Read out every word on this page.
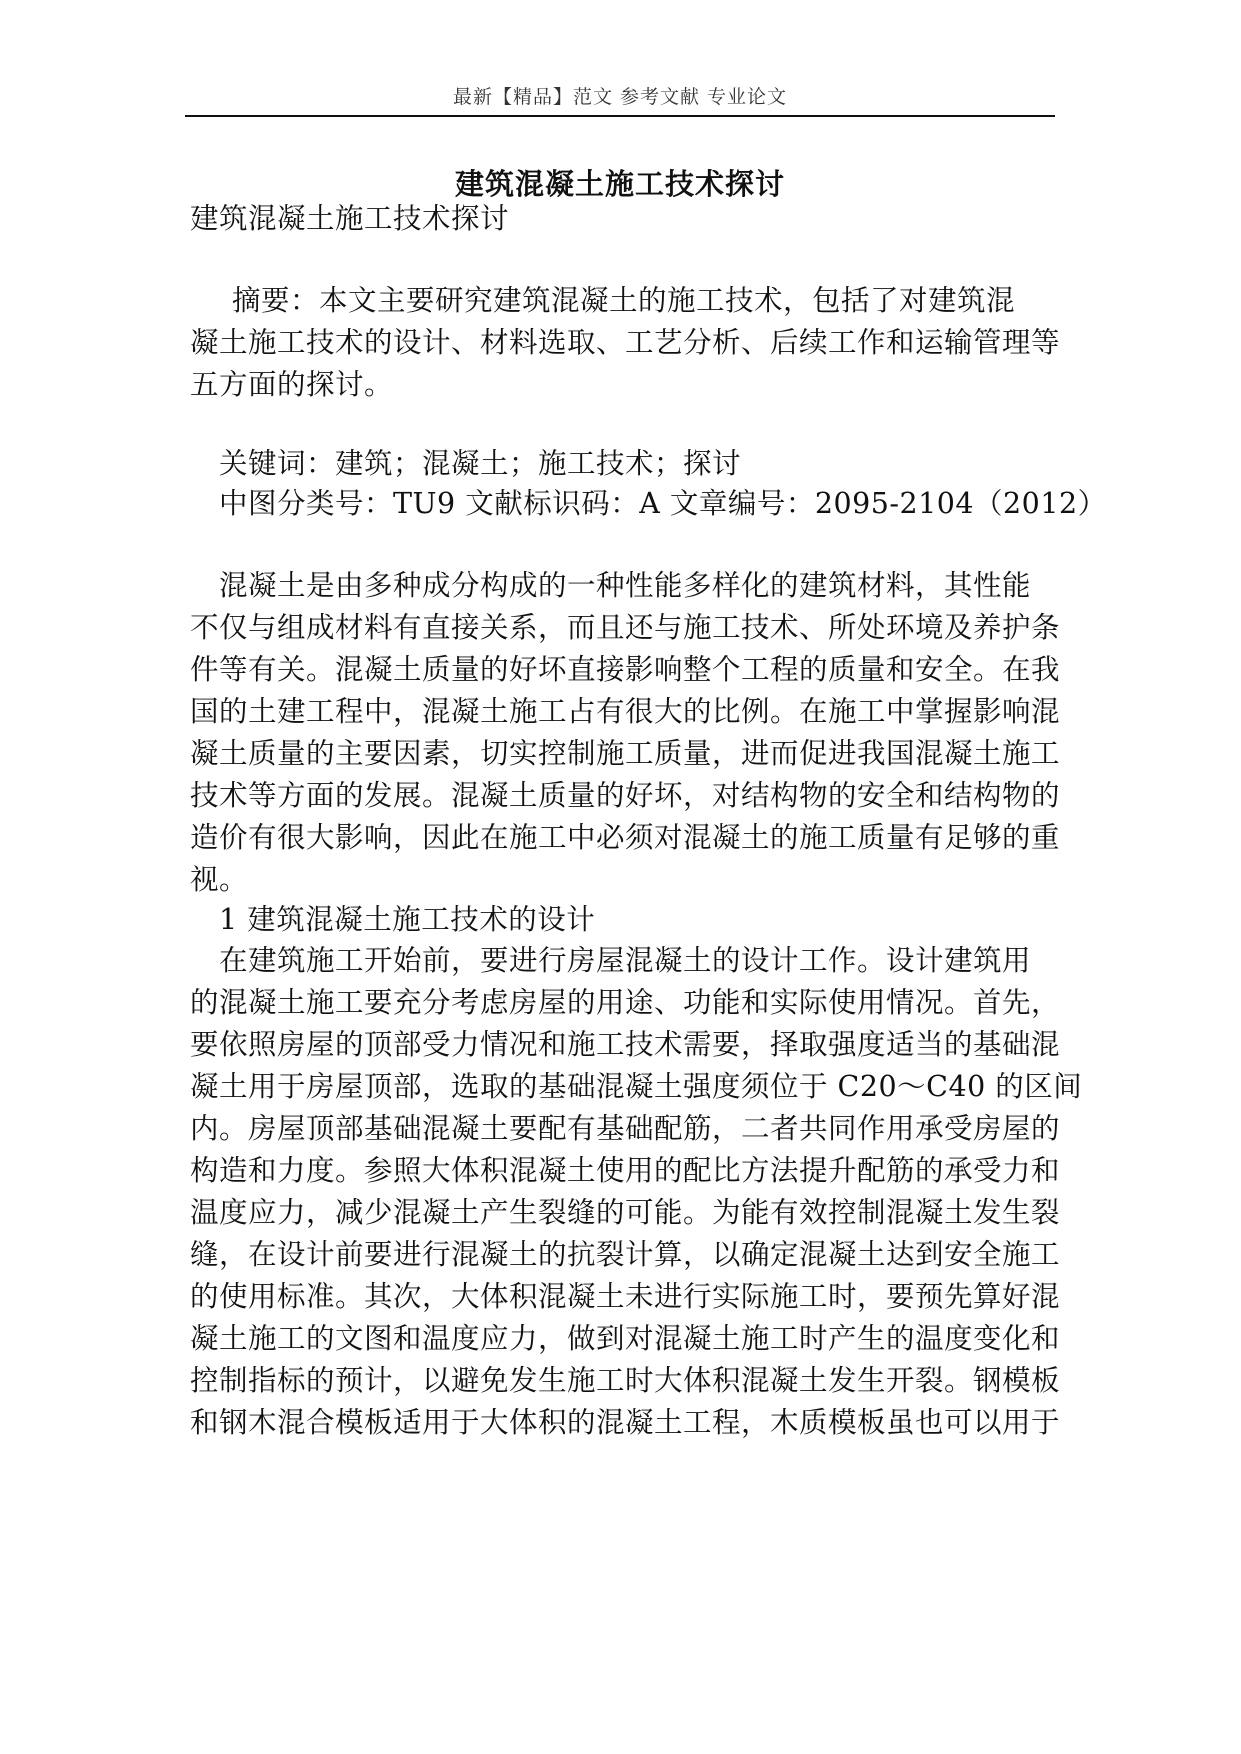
最新【精品】范文 参考文献 专业论文
建筑混凝土施工技术探讨
建筑混凝土施工技术探讨
摘要：本文主要研究建筑混凝土的施工技术，包括了对建筑混
凝土施工技术的设计、材料选取、工艺分析、后续工作和运输管理等
五方面的探讨。
关键词：建筑；混凝土；施工技术；探讨
中图分类号：TU9 文献标识码：A 文章编号：2095-2104（2012）
混凝土是由多种成分构成的一种性能多样化的建筑材料，其性能
不仅与组成材料有直接关系，而且还与施工技术、所处环境及养护条
件等有关。混凝土质量的好坏直接影响整个工程的质量和安全。在我
国的土建工程中，混凝土施工占有很大的比例。在施工中掌握影响混
凝土质量的主要因素，切实控制施工质量，进而促进我国混凝土施工
技术等方面的发展。混凝土质量的好坏，对结构物的安全和结构物的
造价有很大影响，因此在施工中必须对混凝土的施工质量有足够的重
视。
1 建筑混凝土施工技术的设计
在建筑施工开始前，要进行房屋混凝土的设计工作。设计建筑用
的混凝土施工要充分考虑房屋的用途、功能和实际使用情况。首先，
要依照房屋的顶部受力情况和施工技术需要，择取强度适当的基础混
凝土用于房屋顶部，选取的基础混凝土强度须位于 C20～C40 的区间
内。房屋顶部基础混凝土要配有基础配筋，二者共同作用承受房屋的
构造和力度。参照大体积混凝土使用的配比方法提升配筋的承受力和
温度应力，减少混凝土产生裂缝的可能。为能有效控制混凝土发生裂
缝，在设计前要进行混凝土的抗裂计算，以确定混凝土达到安全施工
的使用标准。其次，大体积混凝土未进行实际施工时，要预先算好混
凝土施工的文图和温度应力，做到对混凝土施工时产生的温度变化和
控制指标的预计，以避免发生施工时大体积混凝土发生开裂。钢模板
和钢木混合模板适用于大体积的混凝土工程，木质模板虽也可以用于
